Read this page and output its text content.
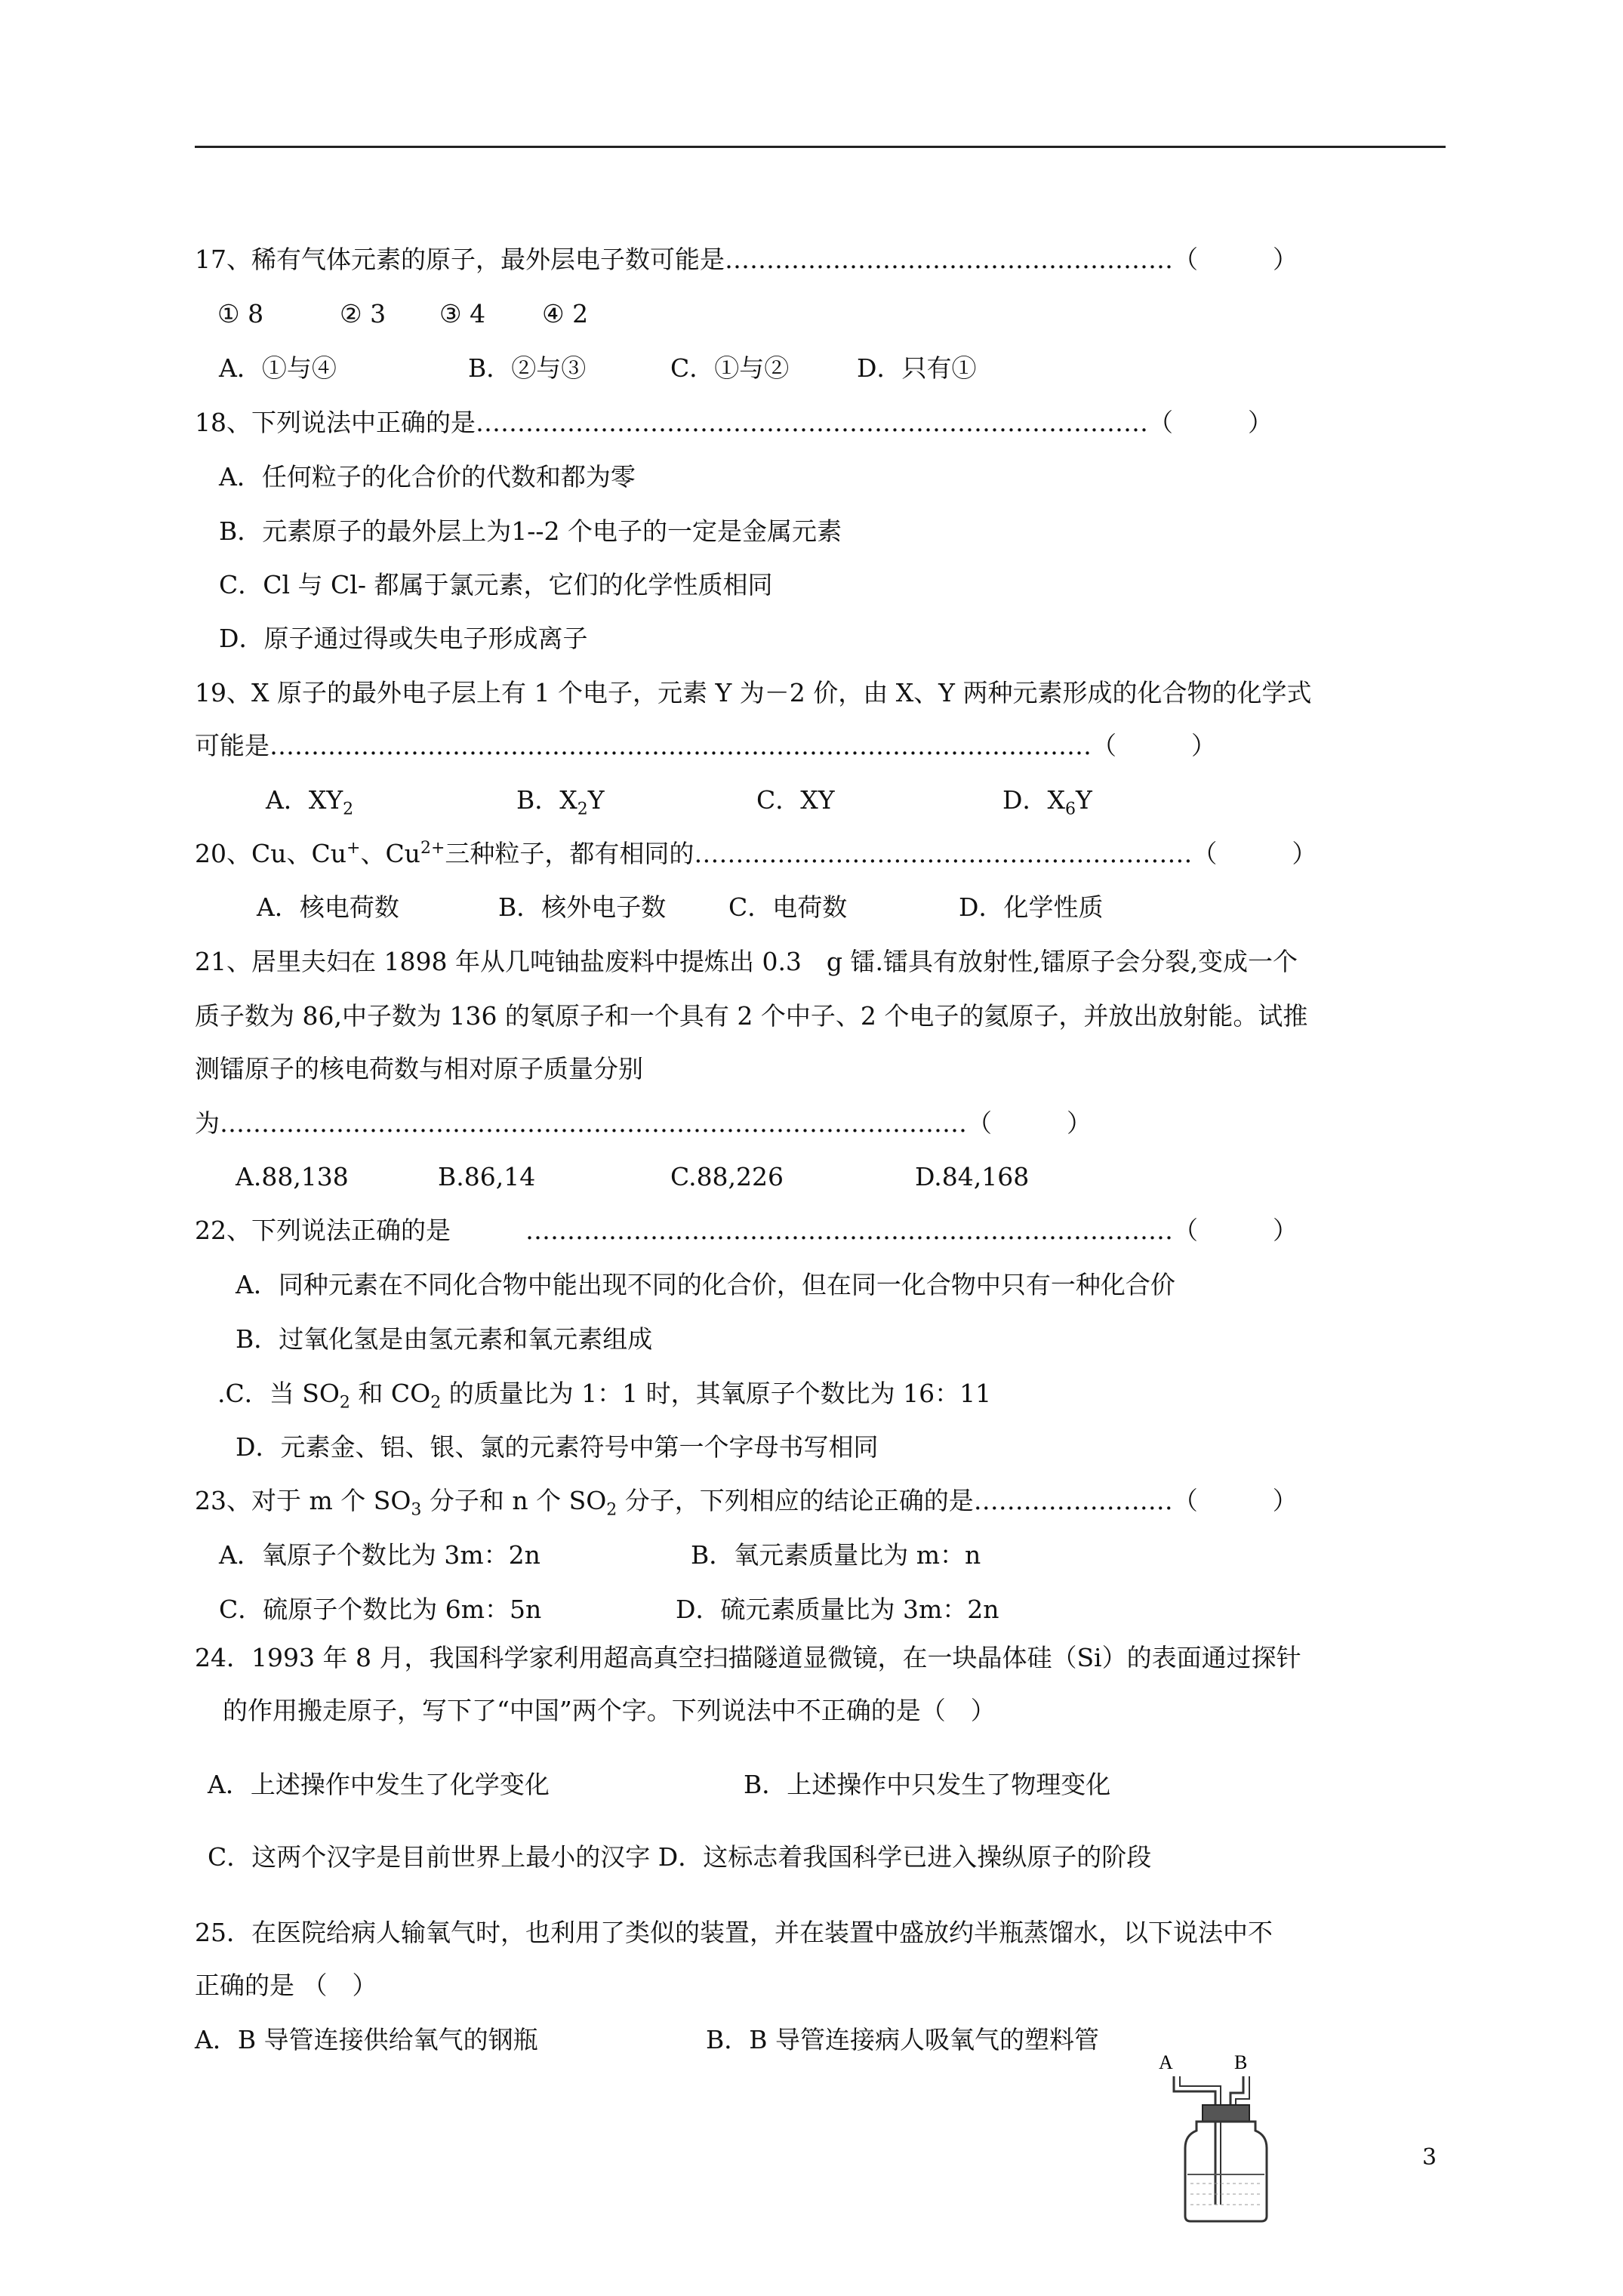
17、稀有气体元素的原子，最外层电子数可能是………………………………………………（　　　）
① 8	② 3 ③ 4 ④ 2
A．①与④	B．②与③	C．①与②	D．只有①
18、下列说法中正确的是………………………………………………………………………（　　　）
A．任何粒子的化合价的代数和都为零
B．元素原子的最外层上为1--2 个电子的一定是金属元素
C．Cl 与 Cl- 都属于氯元素，它们的化学性质相同
D．原子通过得或失电子形成离子
19、X 原子的最外电子层上有 1 个电子，元素 Y 为－2 价，由 X、Y 两种元素形成的化合物的化学式
可能是………………………………………………………………………………………（　　　）
A．$XY_2$	B．$X_2Y$	C．XY	D．$X_6Y$
20、Cu、Cu+、$Cu^{2+}$三种粒子，都有相同的……………………………………………………（　　　）
A．核电荷数	B．核外电子数	C．电荷数	D．化学性质
21、居里夫妇在 1898 年从几吨铀盐废料中提炼出 0.3　g 镭.镭具有放射性,镭原子会分裂,变成一个
质子数为 86,中子数为 136 的氡原子和一个具有 2 个中子、2 个电子的氦原子，并放出放射能。试推
测镭原子的核电荷数与相对原子质量分别
为………………………………………………………………………………（　　　）
A.88,138	B.86,14	C.88,226	D.84,168
22、下列说法正确的是　　　……………………………………………………………………（　　　）
A．同种元素在不同化合物中能出现不同的化合价，但在同一化合物中只有一种化合价
B．过氧化氢是由氢元素和氧元素组成
.C．当 $SO_2$ 和 $CO_2$ 的质量比为 1：1 时，其氧原子个数比为 16：11
D．元素金、铝、银、氯的元素符号中第一个字母书写相同
23、对于 m 个 $SO_3$ 分子和 n 个 $SO_2$ 分子，下列相应的结论正确的是……………………（　　　）
A．氧原子个数比为 3m：2n	B．氧元素质量比为 m：n
C．硫原子个数比为 6m：5n	D．硫元素质量比为 3m：2n
24．1993 年 8 月，我国科学家利用超高真空扫描隧道显微镜，在一块晶体硅（Si）的表面通过探针
的作用搬走原子，写下了“中国”两个字。下列说法中不正确的是（　）
A．上述操作中发生了化学变化	B．上述操作中只发生了物理变化
C．这两个汉字是目前世界上最小的汉字 D．这标志着我国科学已进入操纵原子的阶段
25．在医院给病人输氧气时，也利用了类似的装置，并在装置中盛放约半瓶蒸馏水，以下说法中不
正确的是 （　）
A．B 导管连接供给氧气的钢瓶	B．B 导管连接病人吸氧气的塑料管
A	B
3
